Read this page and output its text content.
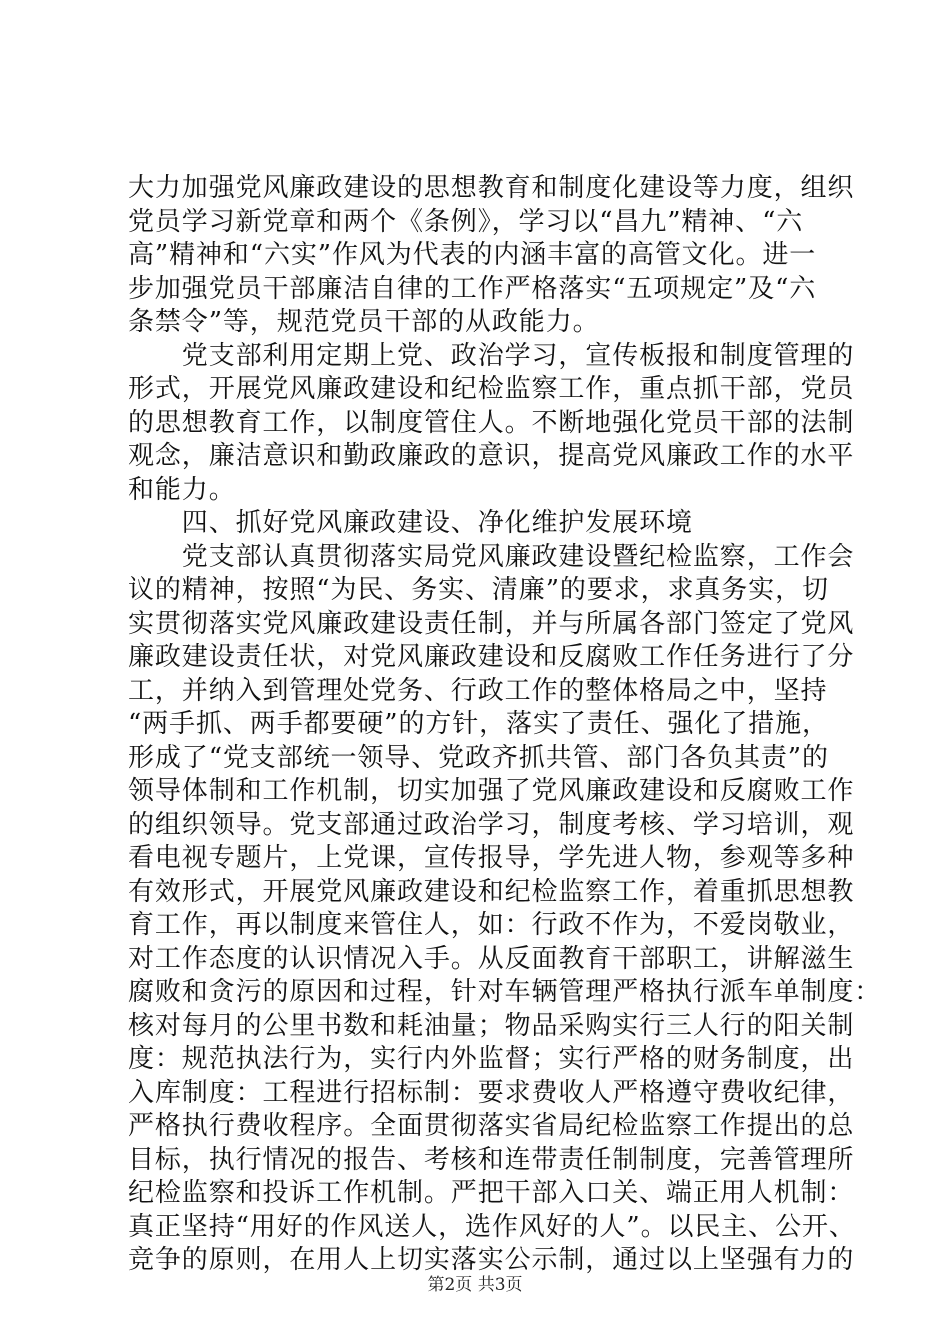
大力加强党风廉政建设的思想教育和制度化建设等力度，组织
党员学习新党章和两个《条例》，学习以“昌九”精神、“六
高”精神和“六实”作风为代表的内涵丰富的高管文化。进一
步加强党员干部廉洁自律的工作严格落实“五项规定”及“六
条禁令”等，规范党员干部的从政能力。
　　党支部利用定期上党、政治学习，宣传板报和制度管理的
形式，开展党风廉政建设和纪检监察工作，重点抓干部，党员
的思想教育工作，以制度管住人。不断地强化党员干部的法制
观念，廉洁意识和勤政廉政的意识，提高党风廉政工作的水平
和能力。
　　四、抓好党风廉政建设、净化维护发展环境
　　党支部认真贯彻落实局党风廉政建设暨纪检监察，工作会
议的精神，按照“为民、务实、清廉”的要求，求真务实，切
实贯彻落实党风廉政建设责任制，并与所属各部门签定了党风
廉政建设责任状，对党风廉政建设和反腐败工作任务进行了分
工，并纳入到管理处党务、行政工作的整体格局之中，坚持
“两手抓、两手都要硬”的方针，落实了责任、强化了措施，
形成了“党支部统一领导、党政齐抓共管、部门各负其责”的
领导体制和工作机制，切实加强了党风廉政建设和反腐败工作
的组织领导。党支部通过政治学习，制度考核、学习培训，观
看电视专题片，上党课，宣传报导，学先进人物，参观等多种
有效形式，开展党风廉政建设和纪检监察工作，着重抓思想教
育工作，再以制度来管住人，如：行政不作为，不爱岗敬业，
对工作态度的认识情况入手。从反面教育干部职工，讲解滋生
腐败和贪污的原因和过程，针对车辆管理严格执行派车单制度：
核对每月的公里书数和耗油量；物品采购实行三人行的阳关制
度：规范执法行为，实行内外监督；实行严格的财务制度，出
入库制度：工程进行招标制：要求费收人严格遵守费收纪律，
严格执行费收程序。全面贯彻落实省局纪检监察工作提出的总
目标，执行情况的报告、考核和连带责任制制度，完善管理所
纪检监察和投诉工作机制。严把干部入口关、端正用人机制：
真正坚持“用好的作风送人，选作风好的人”。以民主、公开、
竞争的原则，在用人上切实落实公示制，通过以上坚强有力的
第2页 共3页
